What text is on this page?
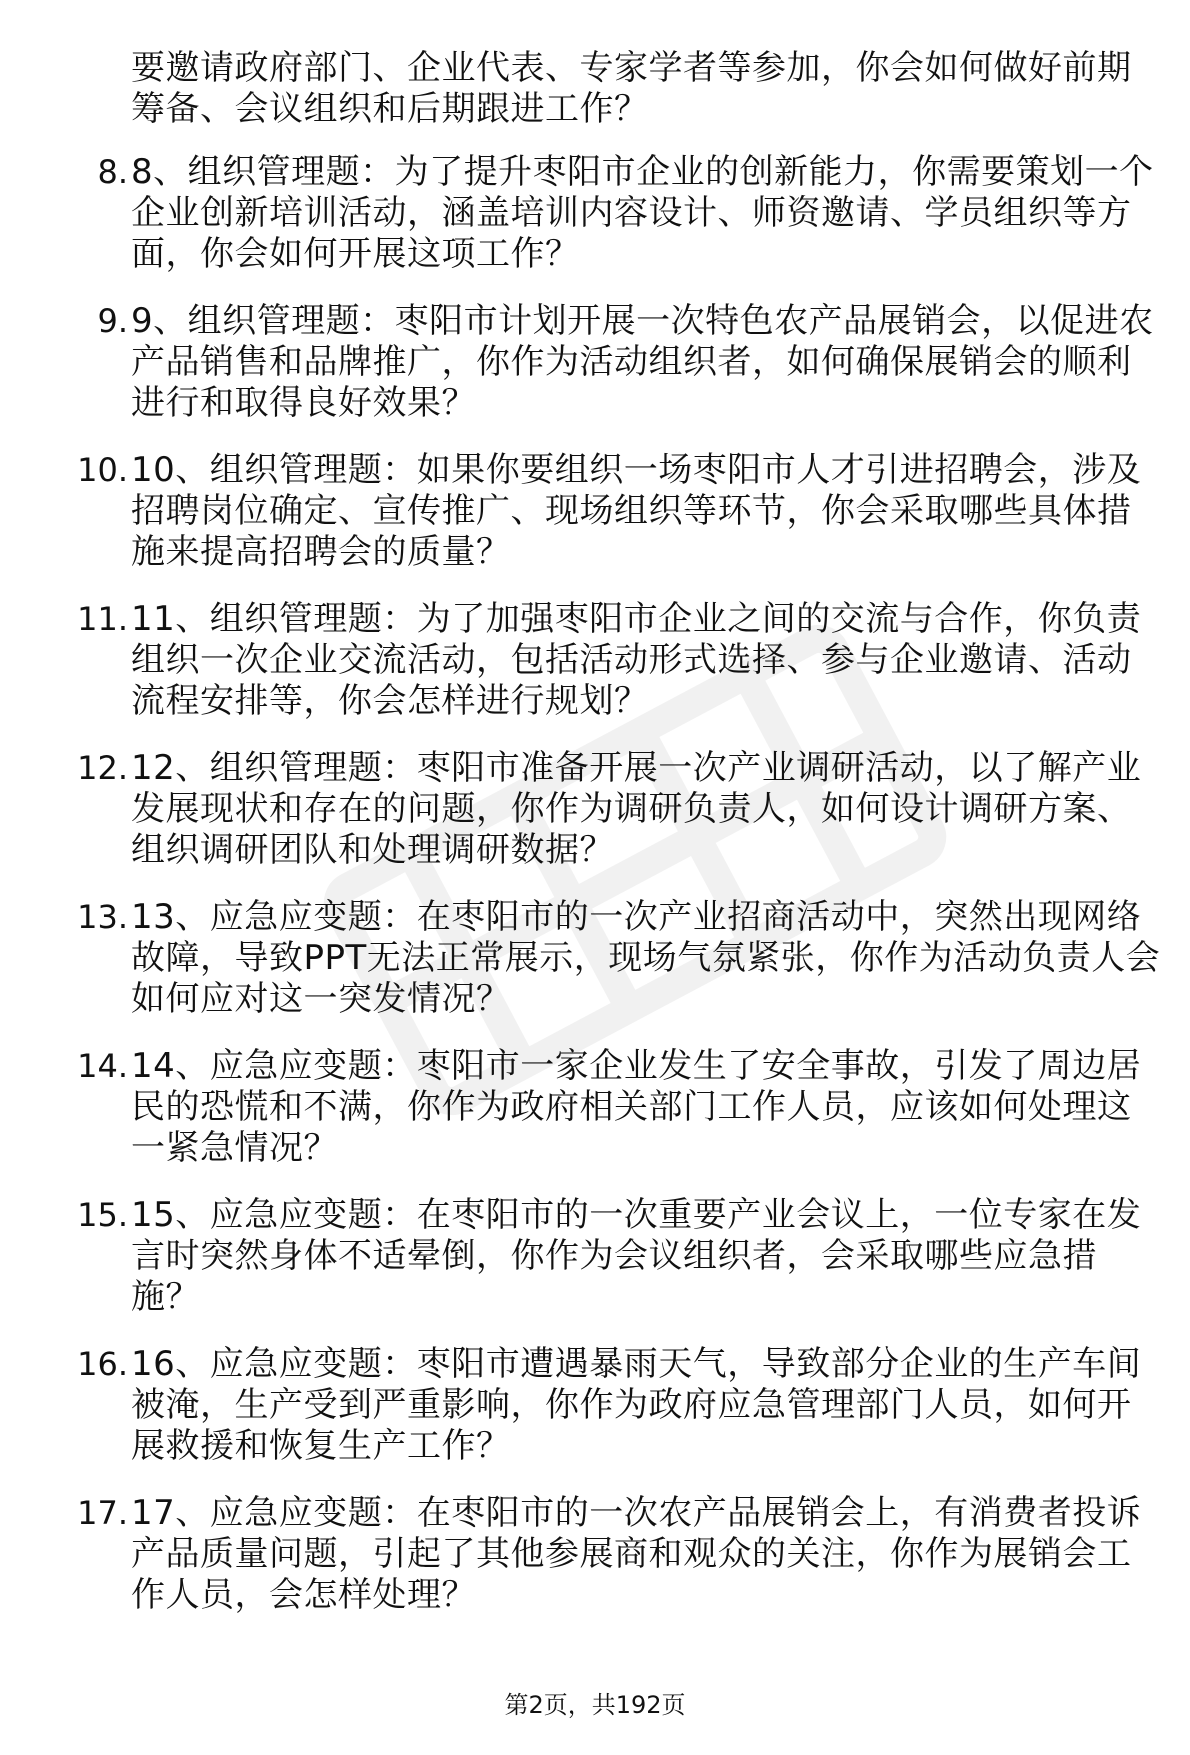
要邀请政府部门、企业代表、专家学者等参加，你会如何做好前期筹备、会议组织和后期跟进工作？
8. 8、组织管理题：为了提升枣阳市企业的创新能力，你需要策划一个企业创新培训活动，涵盖培训内容设计、师资邀请、学员组织等方面，你会如何开展这项工作？
9. 9、组织管理题：枣阳市计划开展一次特色农产品展销会，以促进农产品销售和品牌推广，你作为活动组织者，如何确保展销会的顺利进行和取得良好效果？
10. 10、组织管理题：如果你要组织一场枣阳市人才引进招聘会，涉及招聘岗位确定、宣传推广、现场组织等环节，你会采取哪些具体措施来提高招聘会的质量？
11. 11、组织管理题：为了加强枣阳市企业之间的交流与合作，你负责组织一次企业交流活动，包括活动形式选择、参与企业邀请、活动流程安排等，你会怎样进行规划？
12. 12、组织管理题：枣阳市准备开展一次产业调研活动，以了解产业发展现状和存在的问题，你作为调研负责人，如何设计调研方案、组织调研团队和处理调研数据？
13. 13、应急应变题：在枣阳市的一次产业招商活动中，突然出现网络故障，导致PPT无法正常展示，现场气氛紧张，你作为活动负责人会如何应对这一突发情况？
14. 14、应急应变题：枣阳市一家企业发生了安全事故，引发了周边居民的恐慌和不满，你作为政府相关部门工作人员，应该如何处理这一紧急情况？
15. 15、应急应变题：在枣阳市的一次重要产业会议上，一位专家在发言时突然身体不适晕倒，你作为会议组织者，会采取哪些应急措施？
16. 16、应急应变题：枣阳市遭遇暴雨天气，导致部分企业的生产车间被淹，生产受到严重影响，你作为政府应急管理部门人员，如何开展救援和恢复生产工作？
17. 17、应急应变题：在枣阳市的一次农产品展销会上，有消费者投诉产品质量问题，引起了其他参展商和观众的关注，你作为展销会工作人员，会怎样处理？
第2页，共192页
